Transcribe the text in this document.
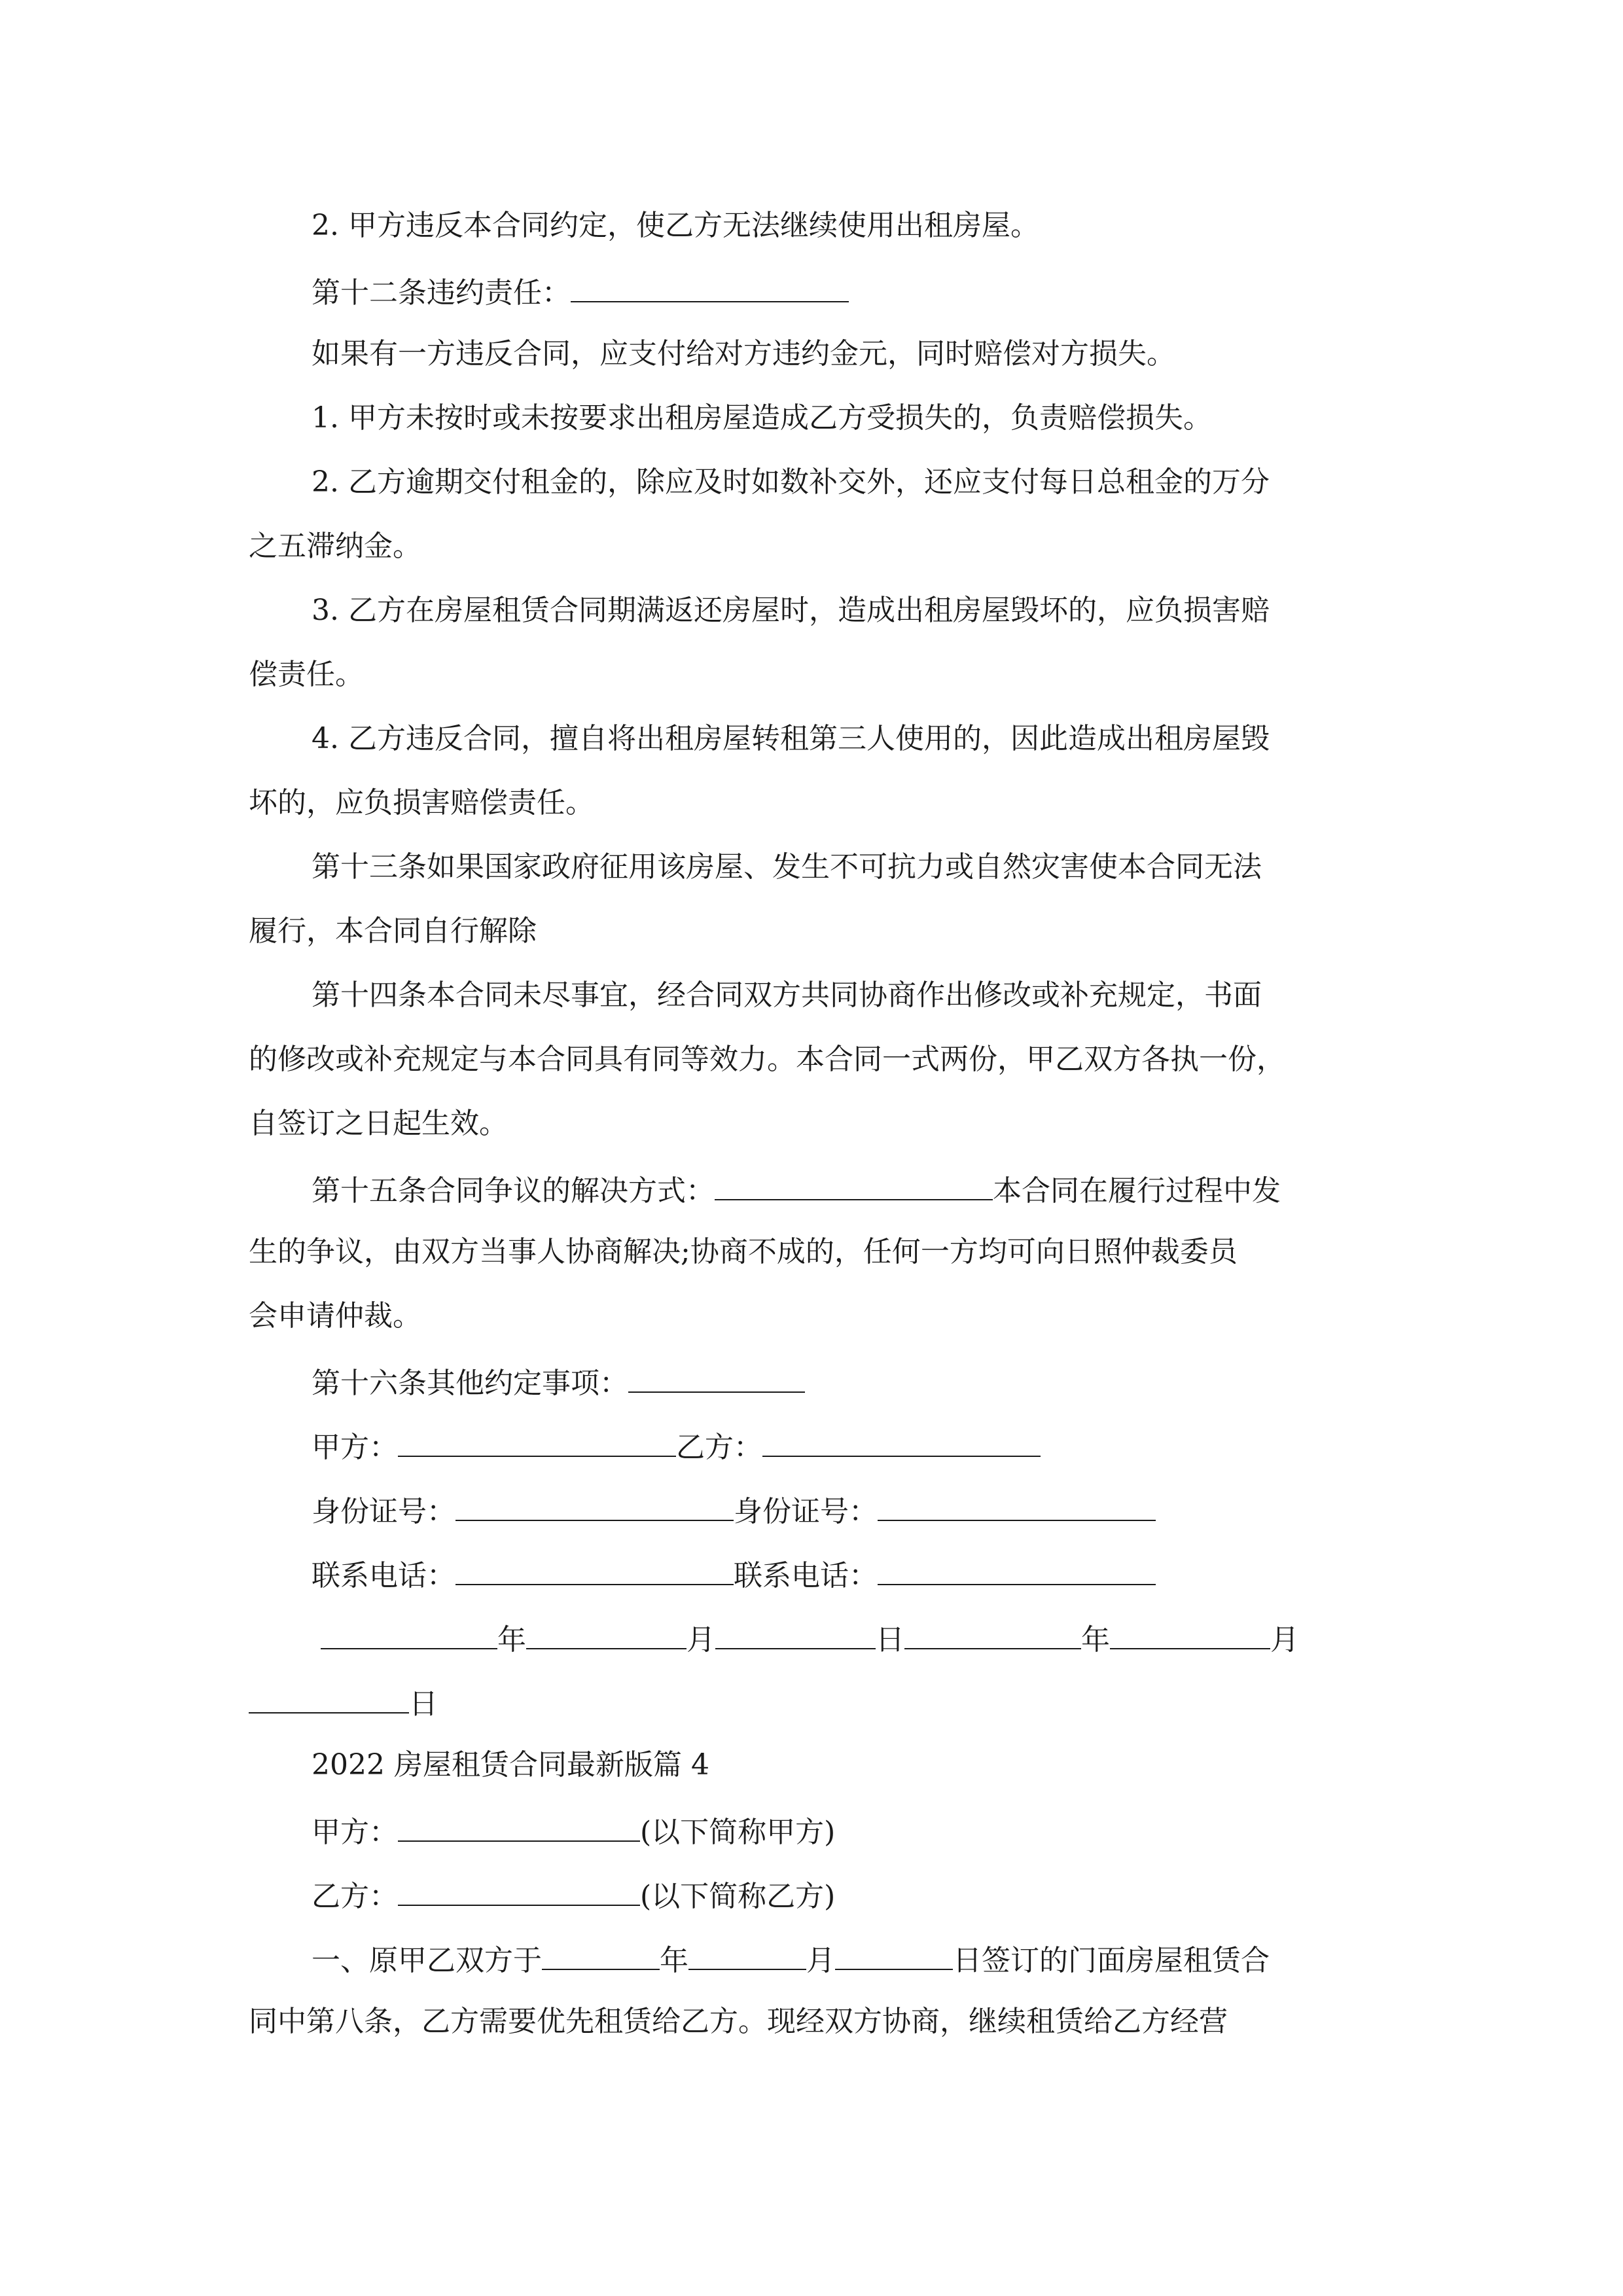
2. 甲方违反本合同约定，使乙方无法继续使用出租房屋。
第十二条违约责任：
如果有一方违反合同，应支付给对方违约金元，同时赔偿对方损失。
1. 甲方未按时或未按要求出租房屋造成乙方受损失的，负责赔偿损失。
2. 乙方逾期交付租金的，除应及时如数补交外，还应支付每日总租金的万分
之五滞纳金。
3. 乙方在房屋租赁合同期满返还房屋时，造成出租房屋毁坏的，应负损害赔
偿责任。
4. 乙方违反合同，擅自将出租房屋转租第三人使用的，因此造成出租房屋毁
坏的，应负损害赔偿责任。
第十三条如果国家政府征用该房屋、发生不可抗力或自然灾害使本合同无法
履行，本合同自行解除
第十四条本合同未尽事宜，经合同双方共同协商作出修改或补充规定，书面
的修改或补充规定与本合同具有同等效力。本合同一式两份，甲乙双方各执一份，
自签订之日起生效。
第十五条合同争议的解决方式：	本合同在履行过程中发
生的争议，由双方当事人协商解决;协商不成的，任何一方均可向日照仲裁委员
会申请仲裁。
第十六条其他约定事项：
甲方：	乙方：
身份证号：	身份证号：
联系电话：	联系电话：
年	月	日	年	月
日
2022 房屋租赁合同最新版篇 4
甲方：	(以下简称甲方)
乙方：	(以下简称乙方)
一、原甲乙双方于	年	月	日签订的门面房屋租赁合
同中第八条，乙方需要优先租赁给乙方。现经双方协商，继续租赁给乙方经营
